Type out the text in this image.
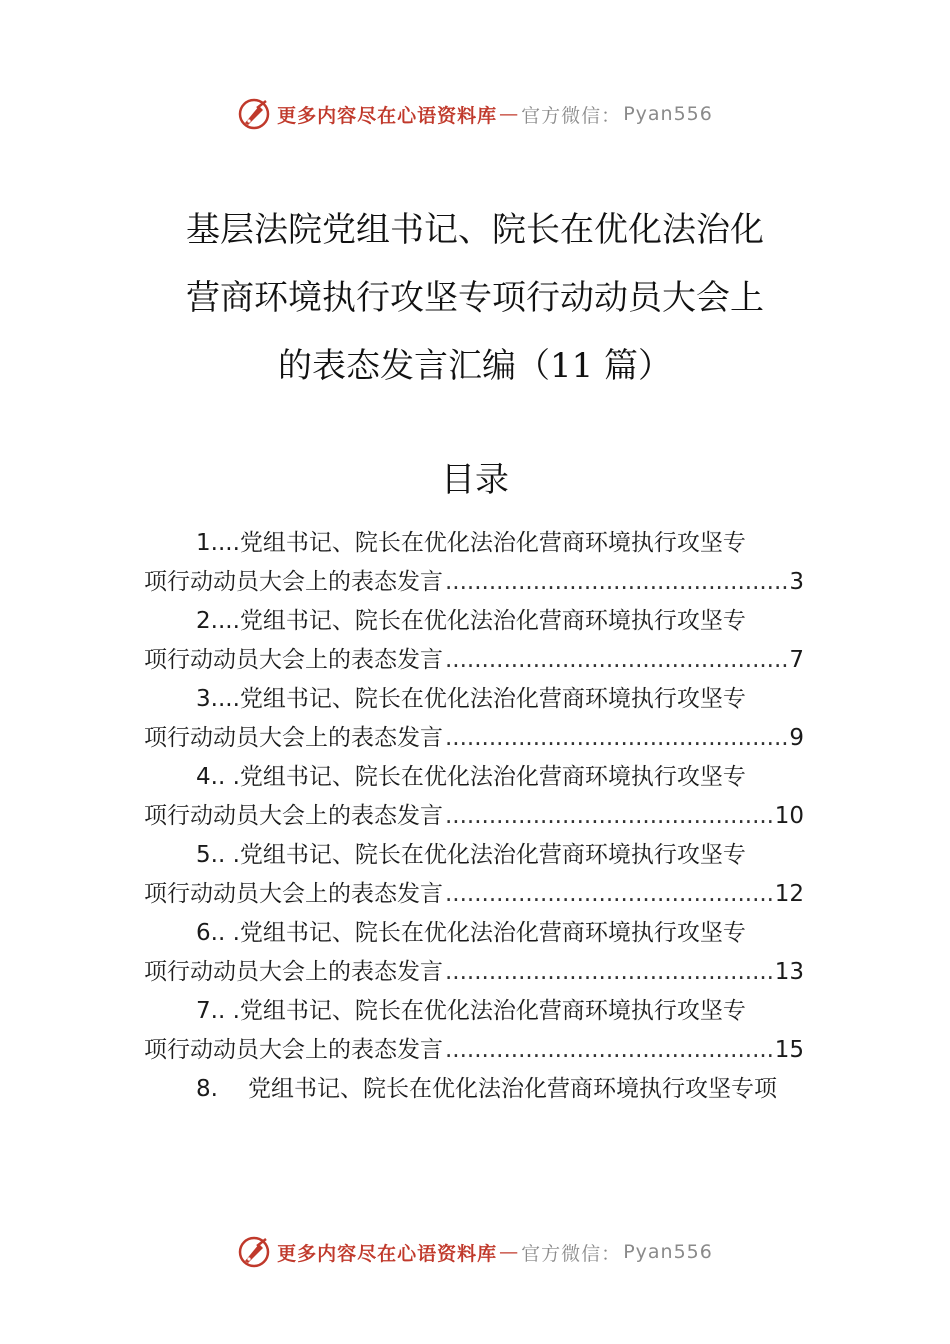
更多内容尽在心语资料库 — 官方微信： Pyan556
基层法院党组书记、院长在优化法治化
营商环境执行攻坚专项行动动员大会上
的表态发言汇编（11 篇）
目录
1....党组书记、院长在优化法治化营商环境执行攻坚专
项行动动员大会上的表态发言 .....	3
2....党组书记、院长在优化法治化营商环境执行攻坚专
项行动动员大会上的表态发言 .....	7
3....党组书记、院长在优化法治化营商环境执行攻坚专
项行动动员大会上的表态发言 .....	9
4.. .党组书记、院长在优化法治化营商环境执行攻坚专
项行动动员大会上的表态发言 .....	10
5.. .党组书记、院长在优化法治化营商环境执行攻坚专
项行动动员大会上的表态发言 .....	12
6.. .党组书记、院长在优化法治化营商环境执行攻坚专
项行动动员大会上的表态发言 .....	13
7.. .党组书记、院长在优化法治化营商环境执行攻坚专
项行动动员大会上的表态发言 .....	15
8. 党组书记、院长在优化法治化营商环境执行攻坚专项
更多内容尽在心语资料库 — 官方微信： Pyan556
